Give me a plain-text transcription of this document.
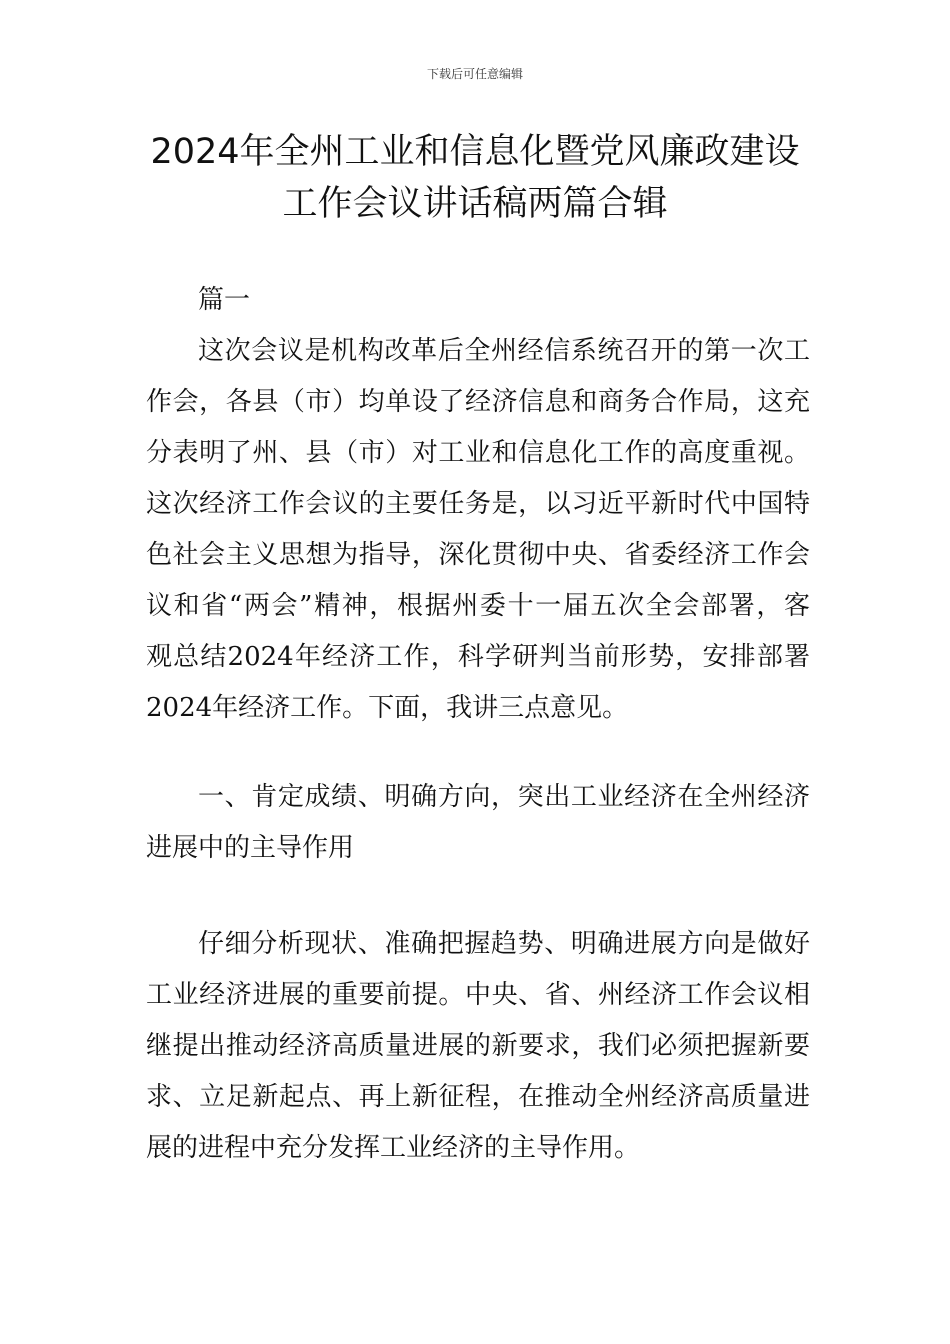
下载后可任意编辑
2024年全州工业和信息化暨党风廉政建设
工作会议讲话稿两篇合辑
篇一
这次会议是机构改革后全州经信系统召开的第一次工
作会，各县（市）均单设了经济信息和商务合作局，这充
分表明了州、县（市）对工业和信息化工作的高度重视。
这次经济工作会议的主要任务是，以习近平新时代中国特
色社会主义思想为指导，深化贯彻中央、省委经济工作会
议和省“两会”精神，根据州委十一届五次全会部署，客
观总结2024年经济工作，科学研判当前形势，安排部署
2024年经济工作。下面，我讲三点意见。
一、肯定成绩、明确方向，突出工业经济在全州经济
进展中的主导作用
仔细分析现状、准确把握趋势、明确进展方向是做好
工业经济进展的重要前提。中央、省、州经济工作会议相
继提出推动经济高质量进展的新要求，我们必须把握新要
求、立足新起点、再上新征程，在推动全州经济高质量进
展的进程中充分发挥工业经济的主导作用。
